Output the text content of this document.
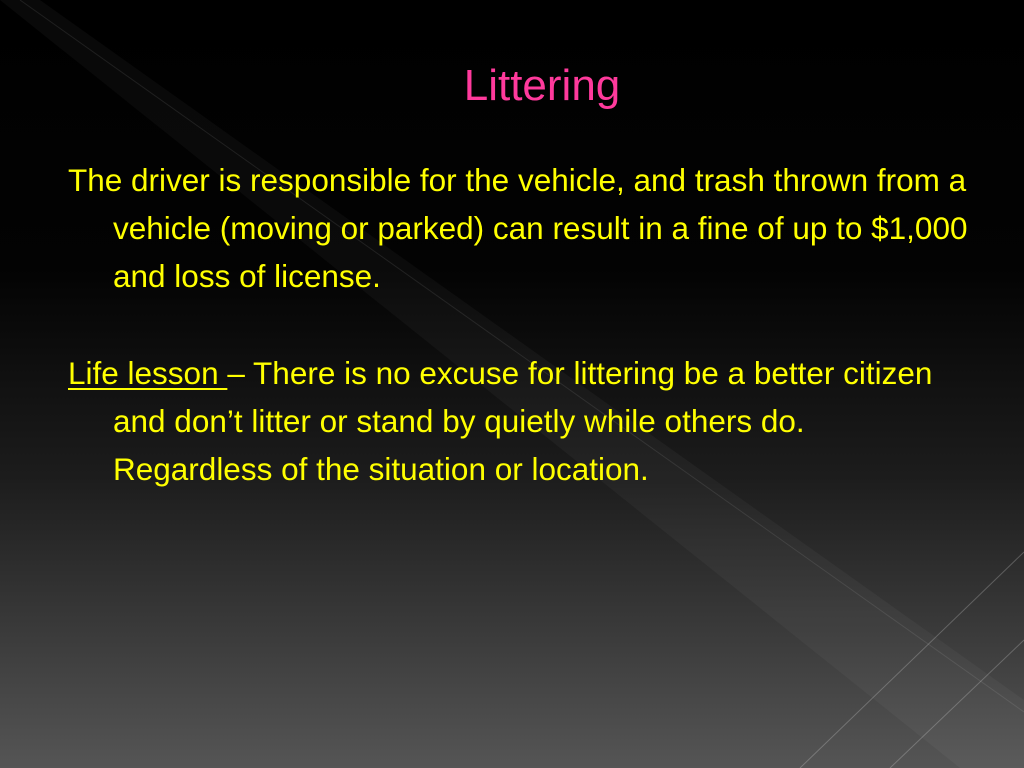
Littering

The driver is responsible for the vehicle, and trash thrown from a vehicle (moving or parked) can result in a fine of up to $1,000 and loss of license.

Life lesson – There is no excuse for littering be a better citizen and don’t litter or stand by quietly while others do. Regardless of the situation or location.
